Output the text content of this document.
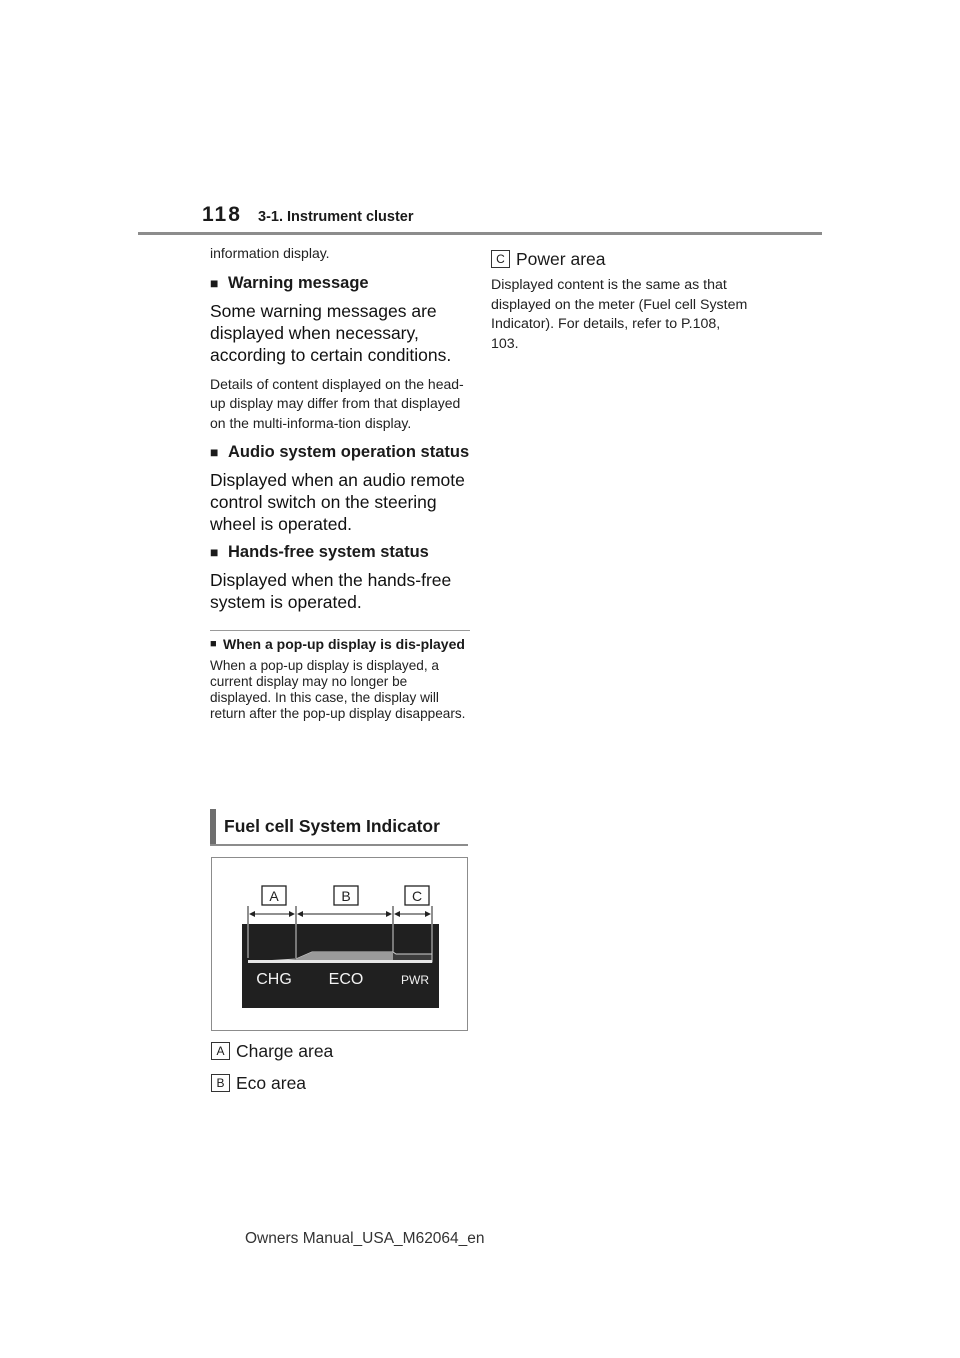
118 3-1. Instrument cluster
information display.
■ Warning message
Some warning messages are displayed when necessary, according to certain conditions.
Details of content displayed on the head-up display may differ from that displayed on the multi-informa-tion display.
■ Audio system operation status
Displayed when an audio remote control switch on the steering wheel is operated.
■ Hands-free system status
Displayed when the hands-free system is operated.
■ When a pop-up display is dis-played
When a pop-up display is displayed, a current display may no longer be displayed. In this case, the display will return after the pop-up display disappears.
Fuel cell System Indicator
A	B	C
CHG ECO	PWR
A Charge area
B Eco area
C Power area
Displayed content is the same as that displayed on the meter (Fuel cell System Indicator). For details, refer to P.108, 103.
Owners Manual_USA_M62064_en
